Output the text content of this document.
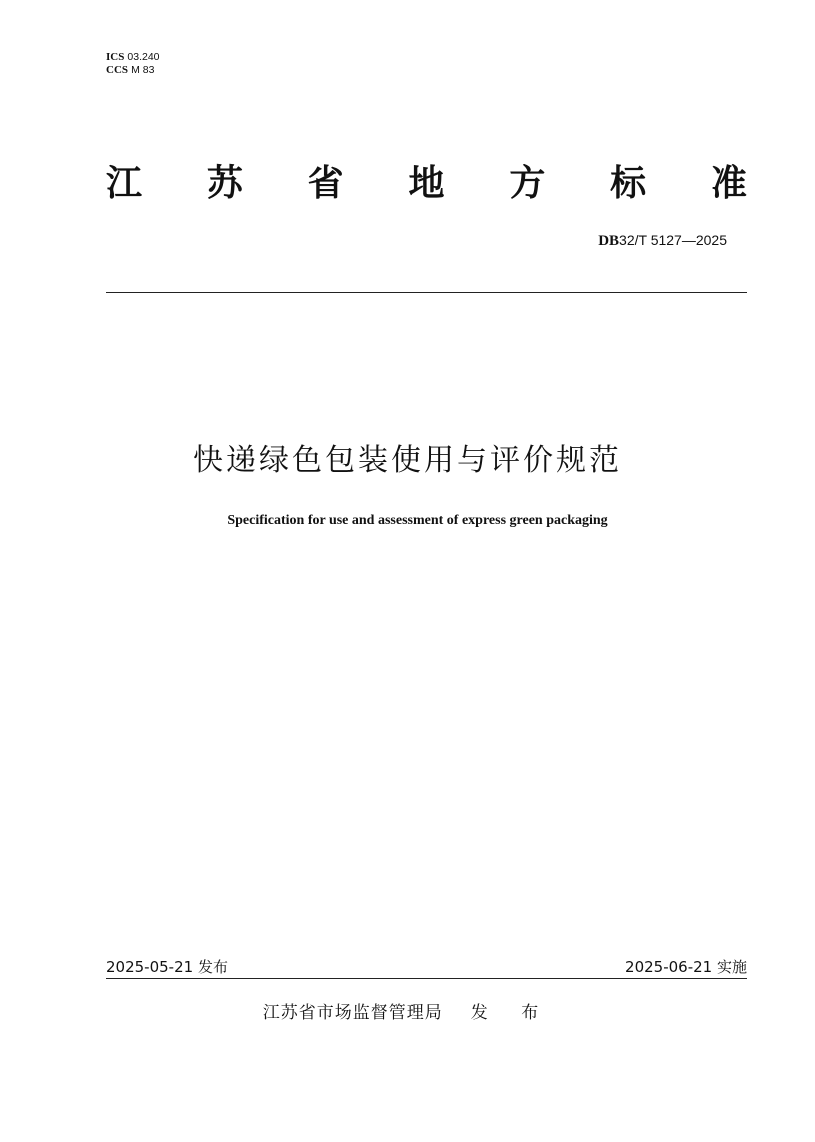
ICS 03.240
CCS M 83
江 苏 省 地 方 标 准
DB32/T 5127—2025
快递绿色包装使用与评价规范
Specification for use and assessment of express green packaging
2025-05-21 发布	2025-06-21 实施
江苏省市场监督管理局 发 布
